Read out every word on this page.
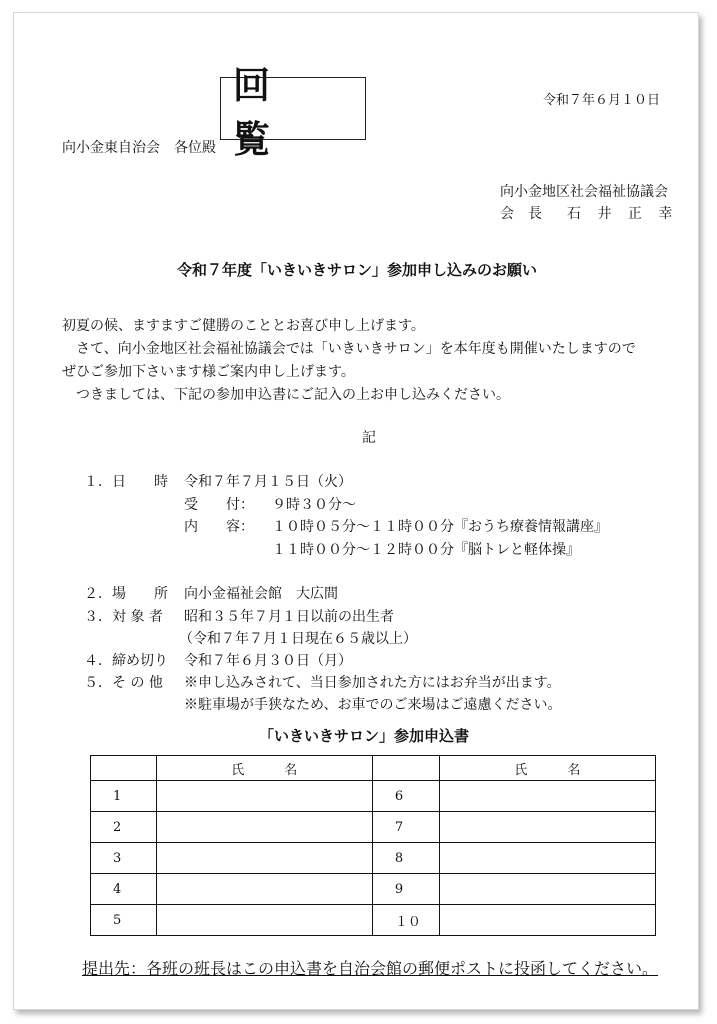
回覧
令和７年６月１０日
向小金東自治会　各位殿
向小金地区社会福祉協議会
会　長 石 井 正 幸
令和７年度「いきいきサロン」参加申し込みのお願い
初夏の候、ますますご健勝のこととお喜び申し上げます。
さて、向小金地区社会福祉協議会では「いきいきサロン」を本年度も開催いたしますので
ぜひご参加下さいます様ご案内申し上げます。
つきましては、下記の参加申込書にご記入の上お申し込みください。
記
１．日　　時 令和７年７月１５日（火）
受　　付： ９時３０分～
内　　容： １０時０５分～１１時００分『おうち療養情報講座』
１１時００分～１２時００分『脳トレと軽体操』
２．場　　所 向小金福祉会館　大広間
３．対 象 者 昭和３５年７月１日以前の出生者
（令和７年７月１日現在６５歳以上）
４．締め切り 令和７年６月３０日（月）
５．そ の 他 ※申し込みされて、当日参加された方にはお弁当が出ます。
※駐車場が手狭なため、お車でのご来場はご遠慮ください。
「いきいきサロン」参加申込書
	氏名		氏名
1		6	
2		7	
3		8	
4		9	
5		１０	
提出先：各班の班長はこの申込書を自治会館の郵便ポストに投函してください。
